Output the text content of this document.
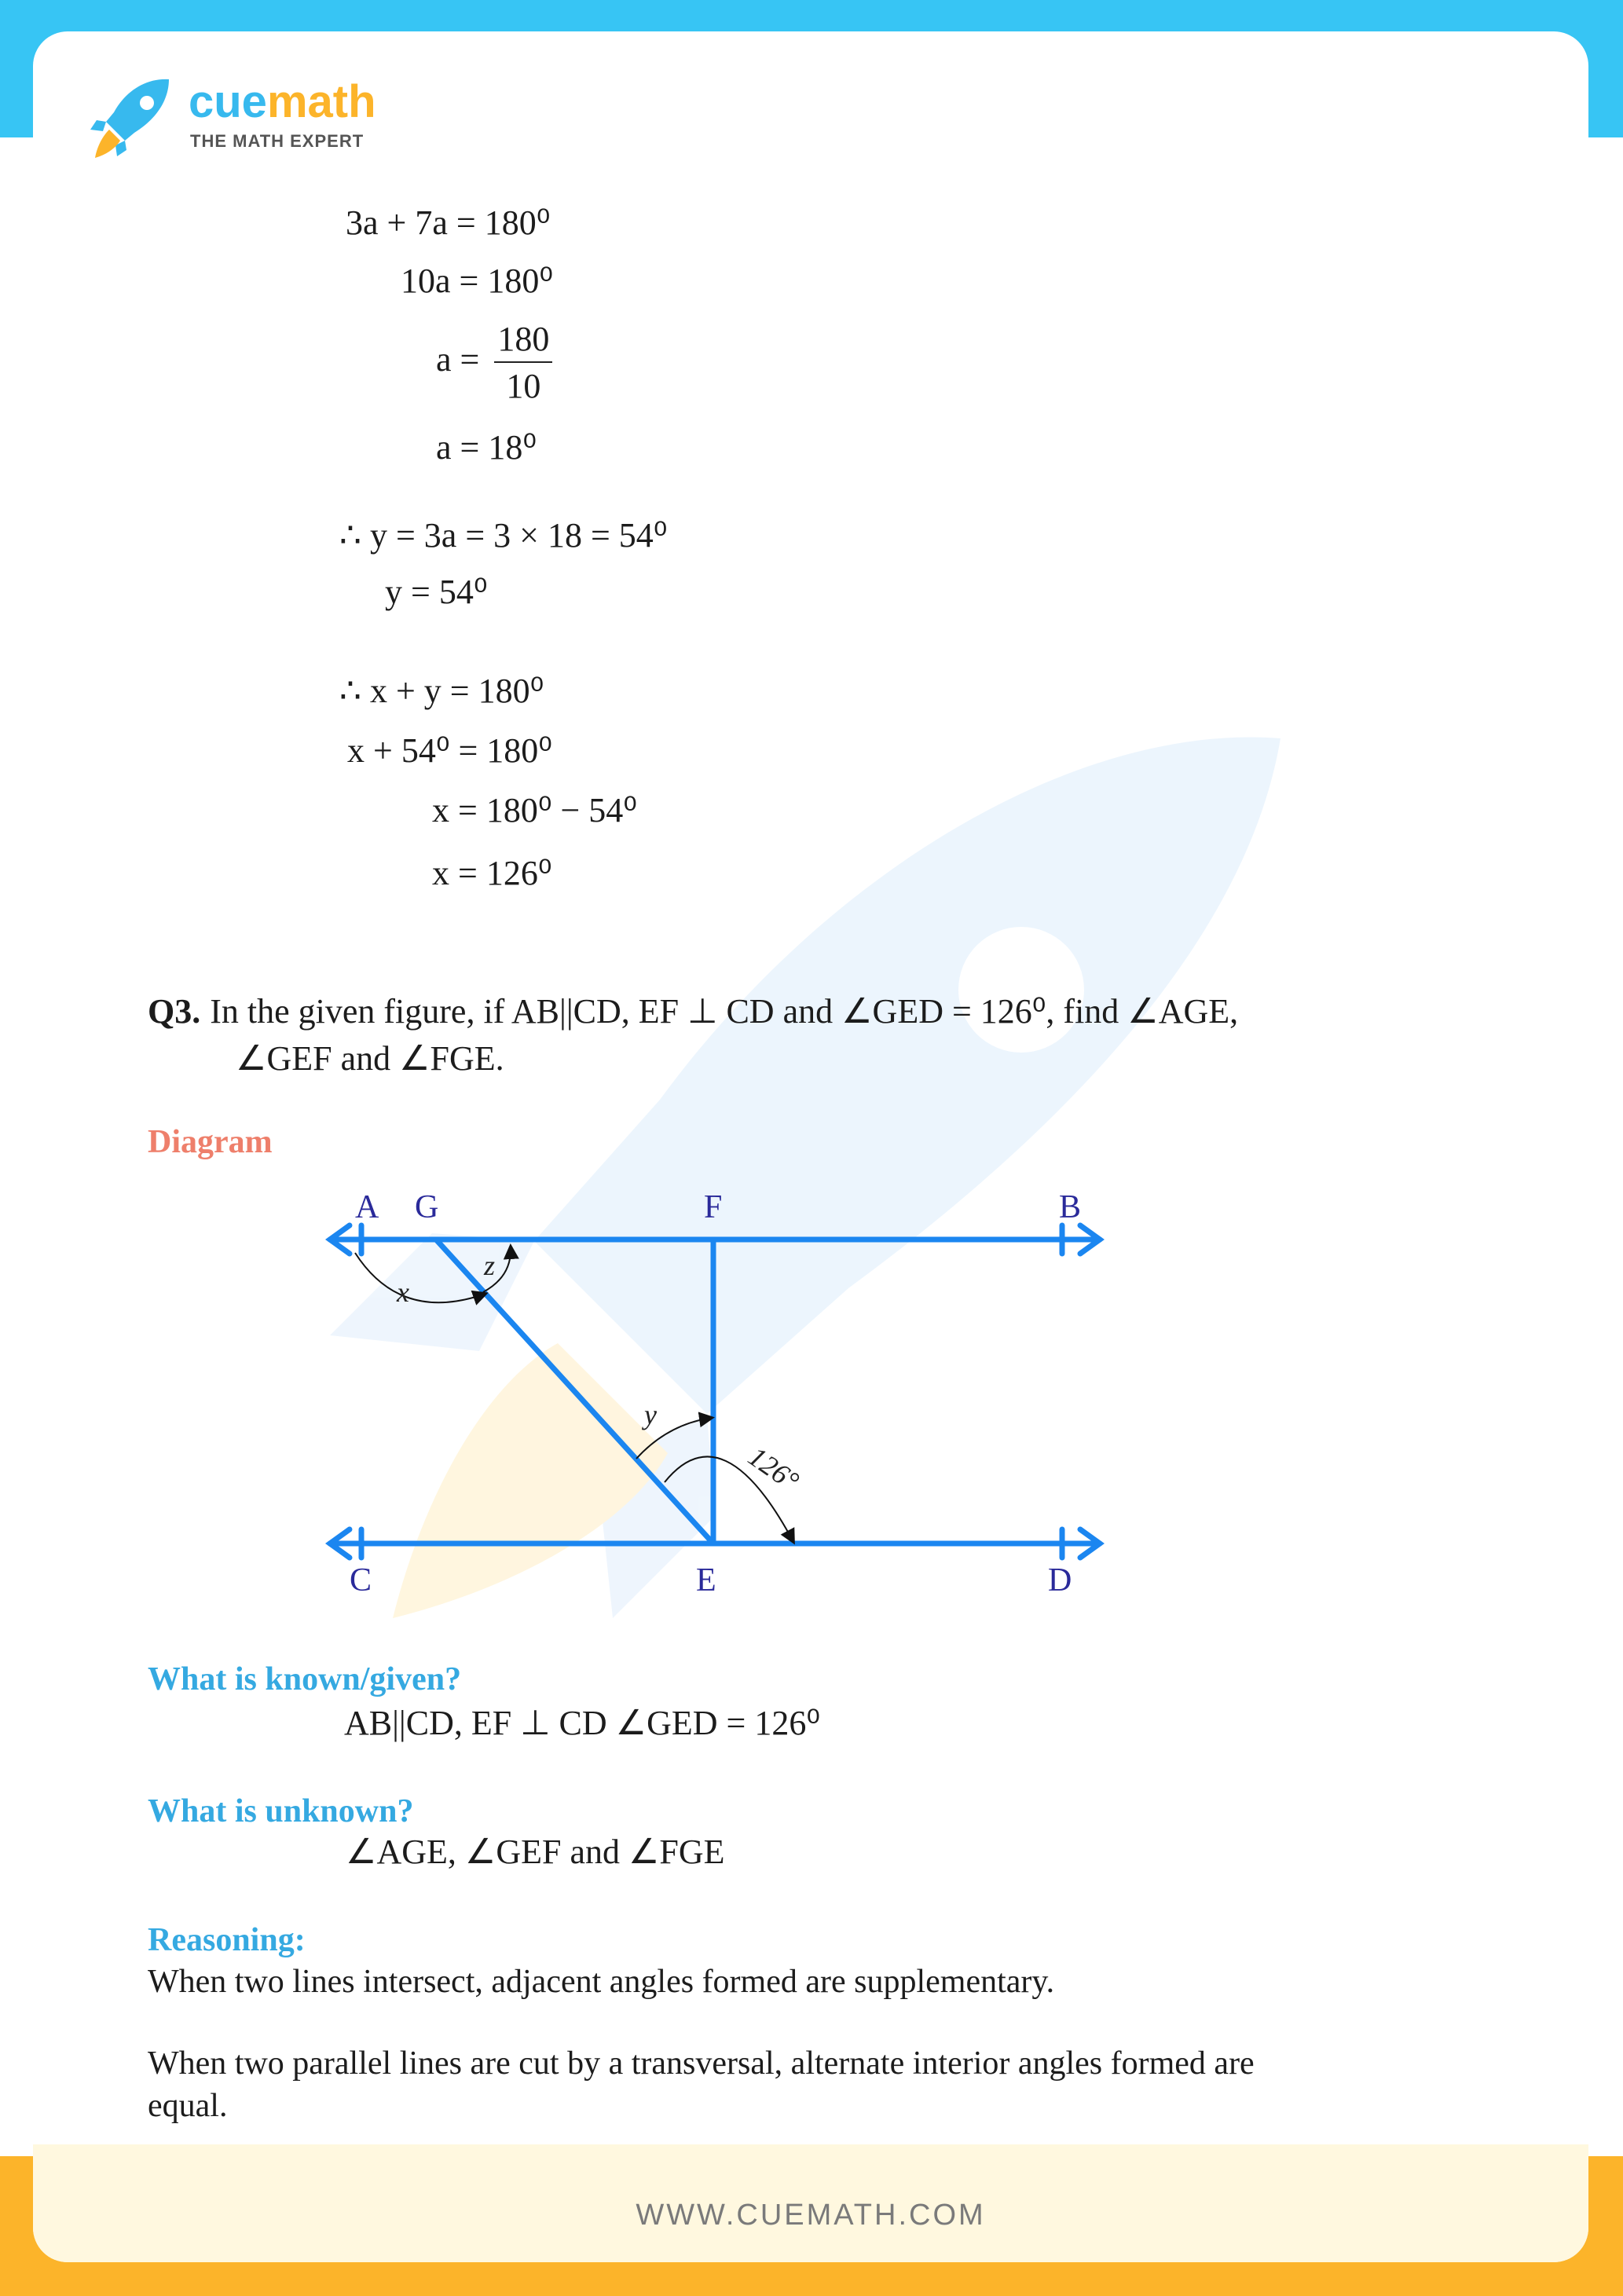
WWW.CUEMATH.COM
cuemath
THE MATH EXPERT
3a + 7a = 180⁰
10a = 180⁰
$a = \frac{180}{10}$
a = 18⁰
∴ y = 3a = 3 × 18 = 54⁰
y = 54⁰
∴ x + y = 180⁰
x + 54⁰ = 180⁰
x = 180⁰ − 54⁰
x = 126⁰
Q3. In the given figure, if AB||CD, EF ⊥ CD and ∠GED = 126⁰, find ∠AGE,
∠GEF and ∠FGE.
Diagram
A G	F	B
C	E	D
x
z
y
126°
What is known/given?
AB||CD, EF ⊥ CD ∠GED = 126⁰
What is unknown?
∠AGE, ∠GEF and ∠FGE
Reasoning:
When two lines intersect, adjacent angles formed are supplementary.
When two parallel lines are cut by a transversal, alternate interior angles formed are
equal.
